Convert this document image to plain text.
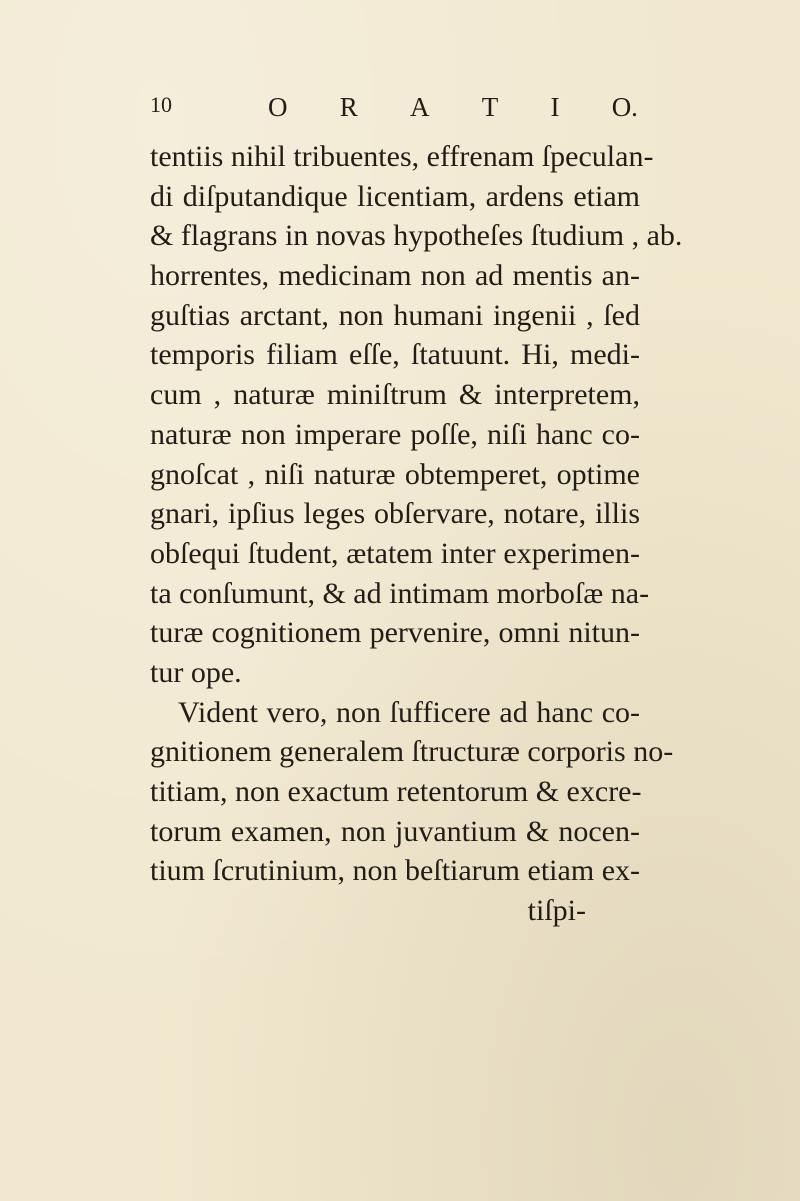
10	O R A T I O.
tentiis nihil tribuentes, effrenam ſpeculan-
di diſputandique licentiam, ardens etiam
& flagrans in novas hypotheſes ſtudium , ab.
horrentes, medicinam non ad mentis an-
guſtias arctant, non humani ingenii , ſed
temporis filiam eſſe, ſtatuunt. Hi, medi-
cum , naturæ miniſtrum & interpretem,
naturæ non imperare poſſe, niſi hanc co-
gnoſcat , niſi naturæ obtemperet, optime
gnari, ipſius leges obſervare, notare, illis
obſequi ſtudent, ætatem inter experimen-
ta conſumunt, & ad intimam morboſæ na-
turæ cognitionem pervenire, omni nitun-
tur ope.
Vident vero, non ſufficere ad hanc co-
gnitionem generalem ſtructuræ corporis no-
titiam, non exactum retentorum & excre-
torum examen, non juvantium & nocen-
tium ſcrutinium, non beſtiarum etiam ex-
tiſpi-
